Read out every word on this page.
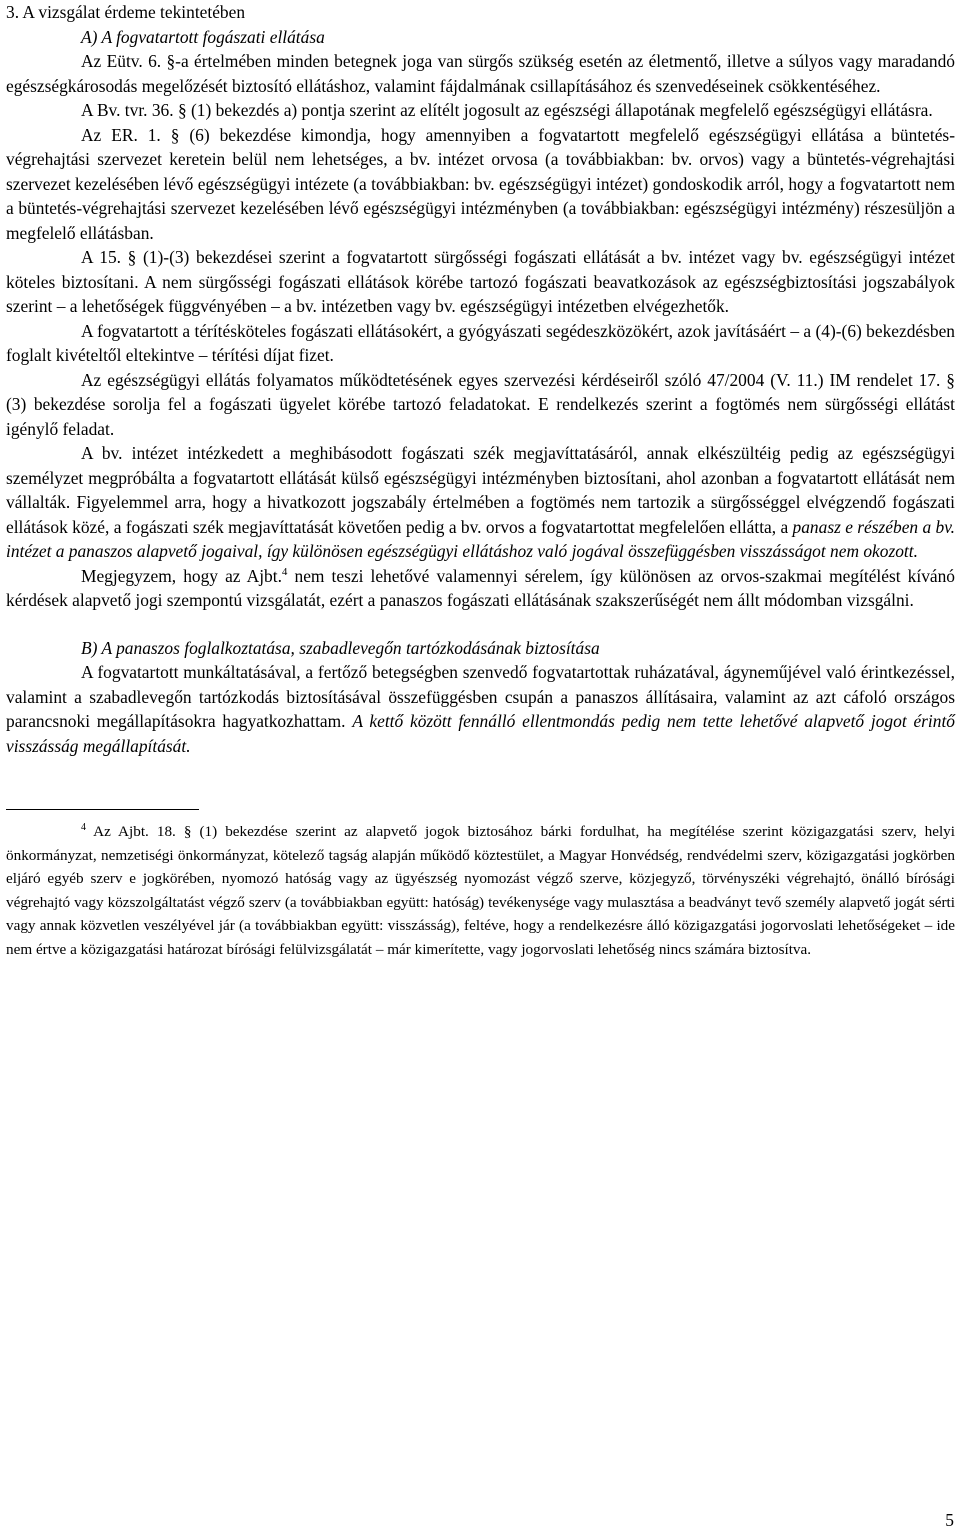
3. A vizsgálat érdeme tekintetében

A) A fogvatartott fogászati ellátása

Az Eütv. 6. §-a értelmében minden betegnek joga van sürgős szükség esetén az életmentő, illetve a súlyos vagy maradandó egészségkárosodás megelőzését biztosító ellátáshoz, valamint fájdalmának csillapításához és szenvedéseinek csökkentéséhez.

A Bv. tvr. 36. § (1) bekezdés a) pontja szerint az elítélt jogosult az egészségi állapotának megfelelő egészségügyi ellátásra.

Az ER. 1. § (6) bekezdése kimondja, hogy amennyiben a fogvatartott megfelelő egészségügyi ellátása a büntetés-végrehajtási szervezet keretein belül nem lehetséges, a bv. intézet orvosa (a továbbiakban: bv. orvos) vagy a büntetés-végrehajtási szervezet kezelésében lévő egészségügyi intézete (a továbbiakban: bv. egészségügyi intézet) gondoskodik arról, hogy a fogvatartott nem a büntetés-végrehajtási szervezet kezelésében lévő egészségügyi intézményben (a továbbiakban: egészségügyi intézmény) részesüljön a megfelelő ellátásban.

A 15. § (1)-(3) bekezdései szerint a fogvatartott sürgősségi fogászati ellátását a bv. intézet vagy bv. egészségügyi intézet köteles biztosítani. A nem sürgősségi fogászati ellátások körébe tartozó fogászati beavatkozások az egészségbiztosítási jogszabályok szerint – a lehetőségek függvényében – a bv. intézetben vagy bv. egészségügyi intézetben elvégezhetők.

A fogvatartott a térítésköteles fogászati ellátásokért, a gyógyászati segédeszközökért, azok javításáért – a (4)-(6) bekezdésben foglalt kivételtől eltekintve – térítési díjat fizet.

Az egészségügyi ellátás folyamatos működtetésének egyes szervezési kérdéseiről szóló 47/2004 (V. 11.) IM rendelet 17. § (3) bekezdése sorolja fel a fogászati ügyelet körébe tartozó feladatokat. E rendelkezés szerint a fogtömés nem sürgősségi ellátást igénylő feladat.

A bv. intézet intézkedett a meghibásodott fogászati szék megjavíttatásáról, annak elkészültéig pedig az egészségügyi személyzet megpróbálta a fogvatartott ellátását külső egészségügyi intézményben biztosítani, ahol azonban a fogvatartott ellátását nem vállalták. Figyelemmel arra, hogy a hivatkozott jogszabály értelmében a fogtömés nem tartozik a sürgősséggel elvégzendő fogászati ellátások közé, a fogászati szék megjavíttatását követően pedig a bv. orvos a fogvatartottat megfelelően ellátta, a panasz e részében a bv. intézet a panaszos alapvető jogaival, így különösen egészségügyi ellátáshoz való jogával összefüggésben visszásságot nem okozott.

Megjegyzem, hogy az Ajbt.$^4$ nem teszi lehetővé valamennyi sérelem, így különösen az orvos-szakmai megítélést kívánó kérdések alapvető jogi szempontú vizsgálatát, ezért a panaszos fogászati ellátásának szakszerűségét nem állt módomban vizsgálni.

B) A panaszos foglalkoztatása, szabadlevegőn tartózkodásának biztosítása

A fogvatartott munkáltatásával, a fertőző betegségben szenvedő fogvatartottak ruházatával, ágyneműjével való érintkezéssel, valamint a szabadlevegőn tartózkodás biztosításával összefüggésben csupán a panaszos állításaira, valamint az azt cáfoló országos parancsnoki megállapításokra hagyatkozhattam. A kettő között fennálló ellentmondás pedig nem tette lehetővé alapvető jogot érintő visszásság megállapítását.

$^4$ Az Ajbt. 18. § (1) bekezdése szerint az alapvető jogok biztosához bárki fordulhat, ha megítélése szerint közigazgatási szerv, helyi önkormányzat, nemzetiségi önkormányzat, kötelező tagság alapján működő köztestület, a Magyar Honvédség, rendvédelmi szerv, közigazgatási jogkörben eljáró egyéb szerv e jogkörében, nyomozó hatóság vagy az ügyészség nyomozást végző szerve, közjegyző, törvényszéki végrehajtó, önálló bírósági végrehajtó vagy közszolgáltatást végző szerv (a továbbiakban együtt: hatóság) tevékenysége vagy mulasztása a beadványt tevő személy alapvető jogát sérti vagy annak közvetlen veszélyével jár (a továbbiakban együtt: visszásság), feltéve, hogy a rendelkezésre álló közigazgatási jogorvoslati lehetőségeket – ide nem értve a közigazgatási határozat bírósági felülvizsgálatát – már kimerítette, vagy jogorvoslati lehetőség nincs számára biztosítva.

5
